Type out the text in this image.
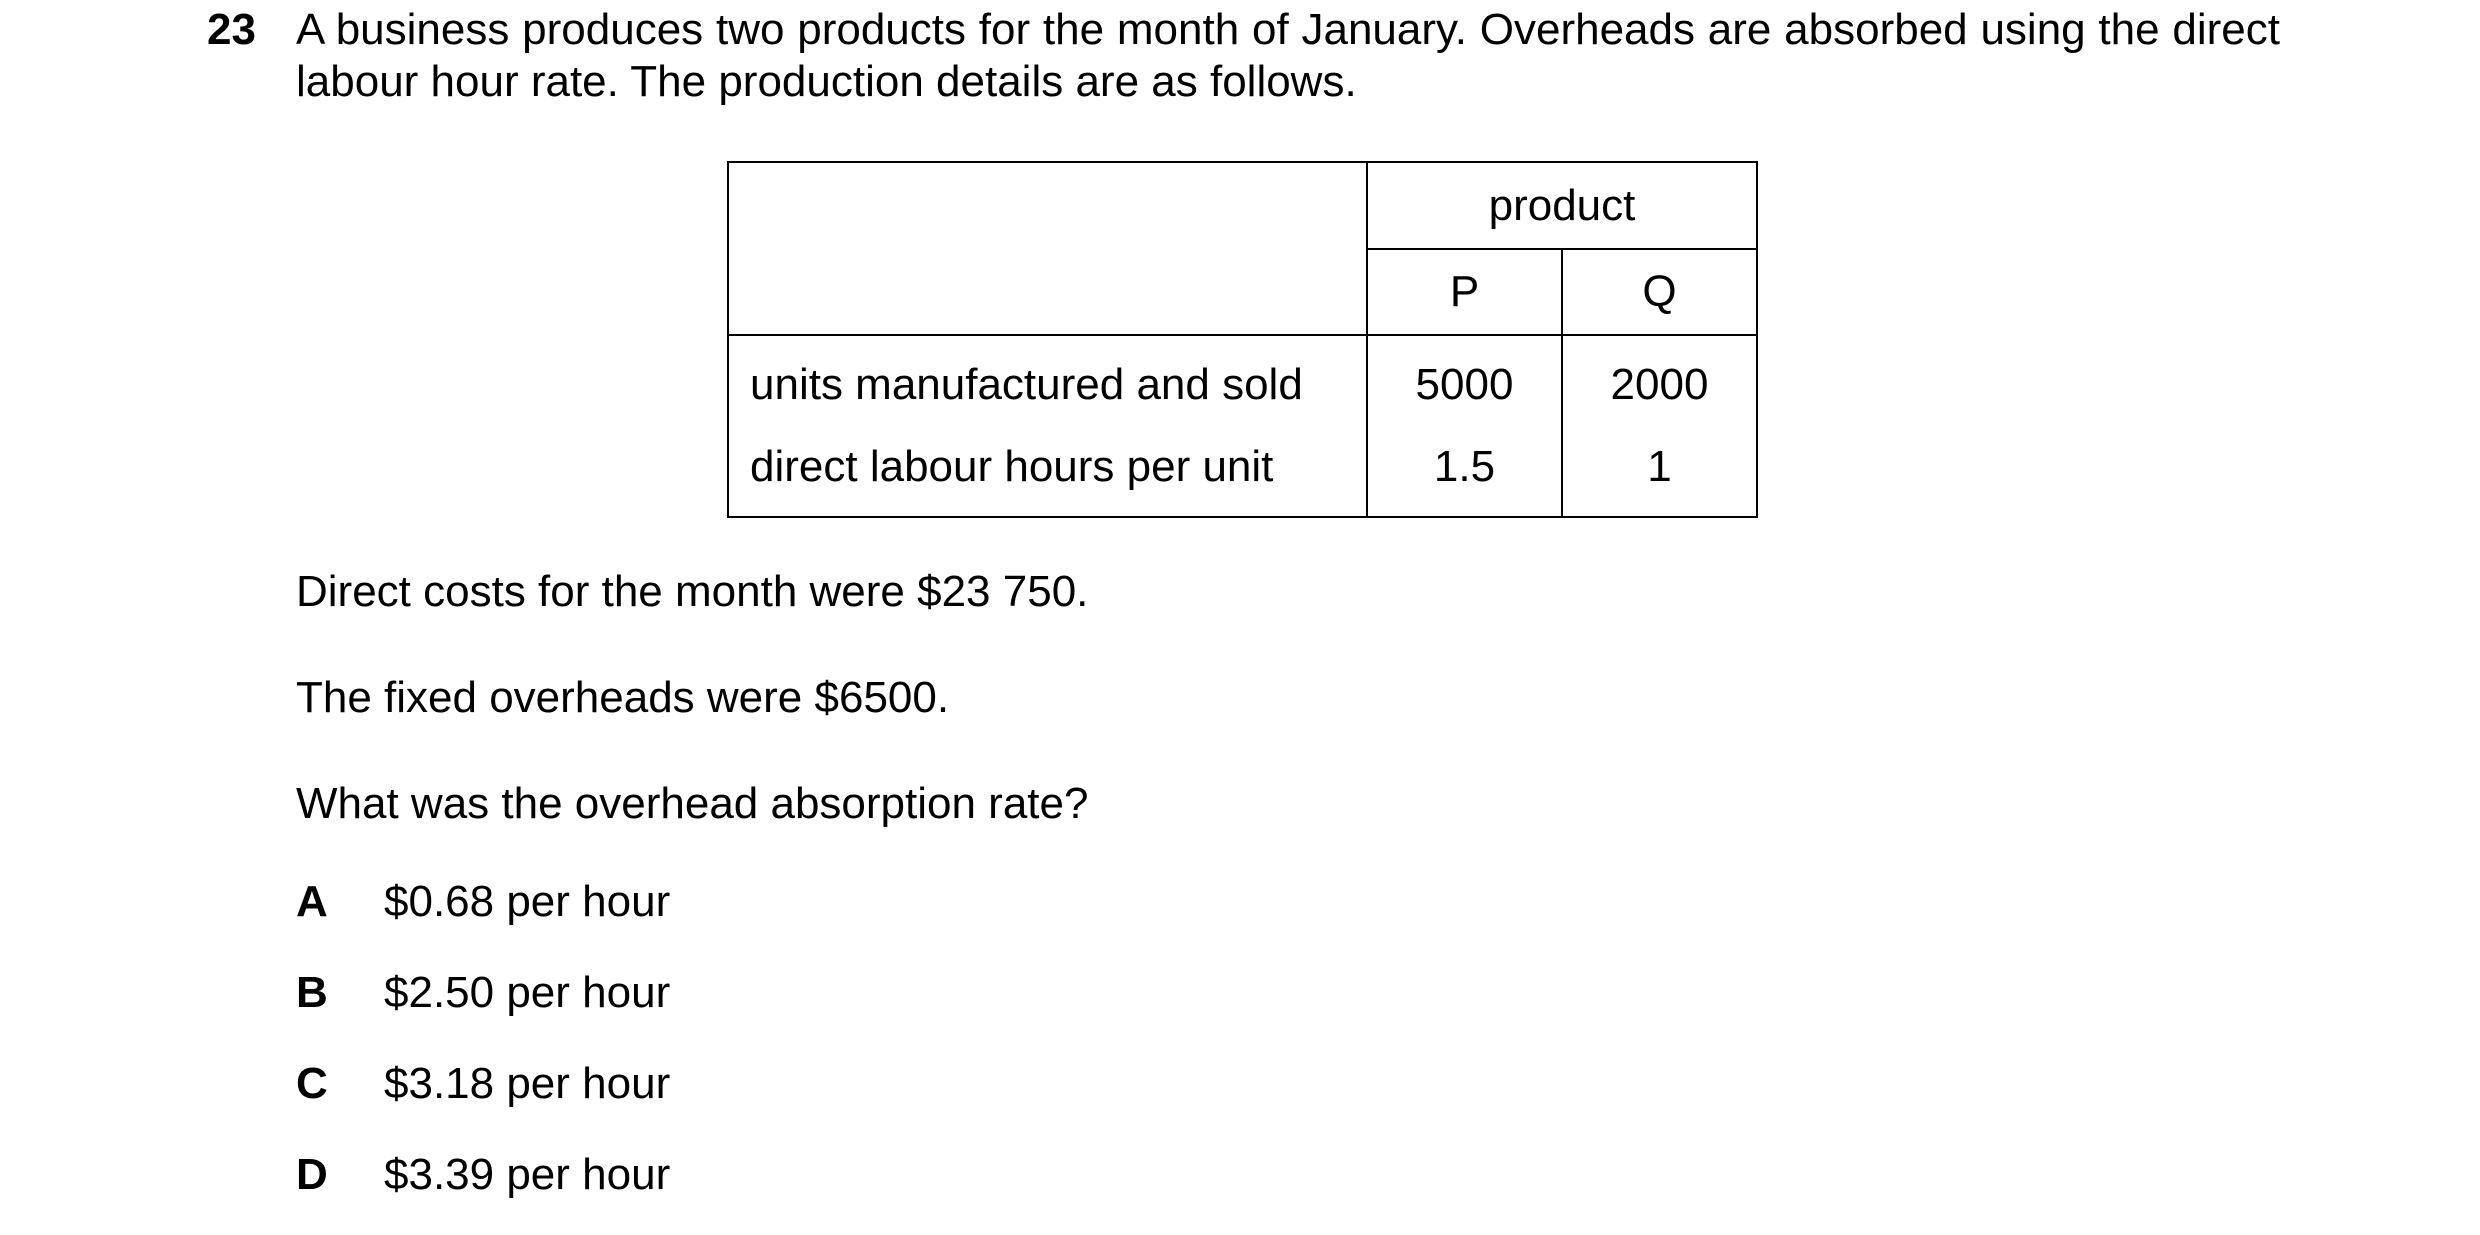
23 A business produces two products for the month of January. Overheads are absorbed using the direct labour hour rate. The production details are as follows.
	product	
	P	Q
units manufactured and sold	5000	2000
direct labour hours per unit	1.5	1
Direct costs for the month were $23 750.
The fixed overheads were $6500.
What was the overhead absorption rate?
A $0.68 per hour
B $2.50 per hour
C $3.18 per hour
D $3.39 per hour
